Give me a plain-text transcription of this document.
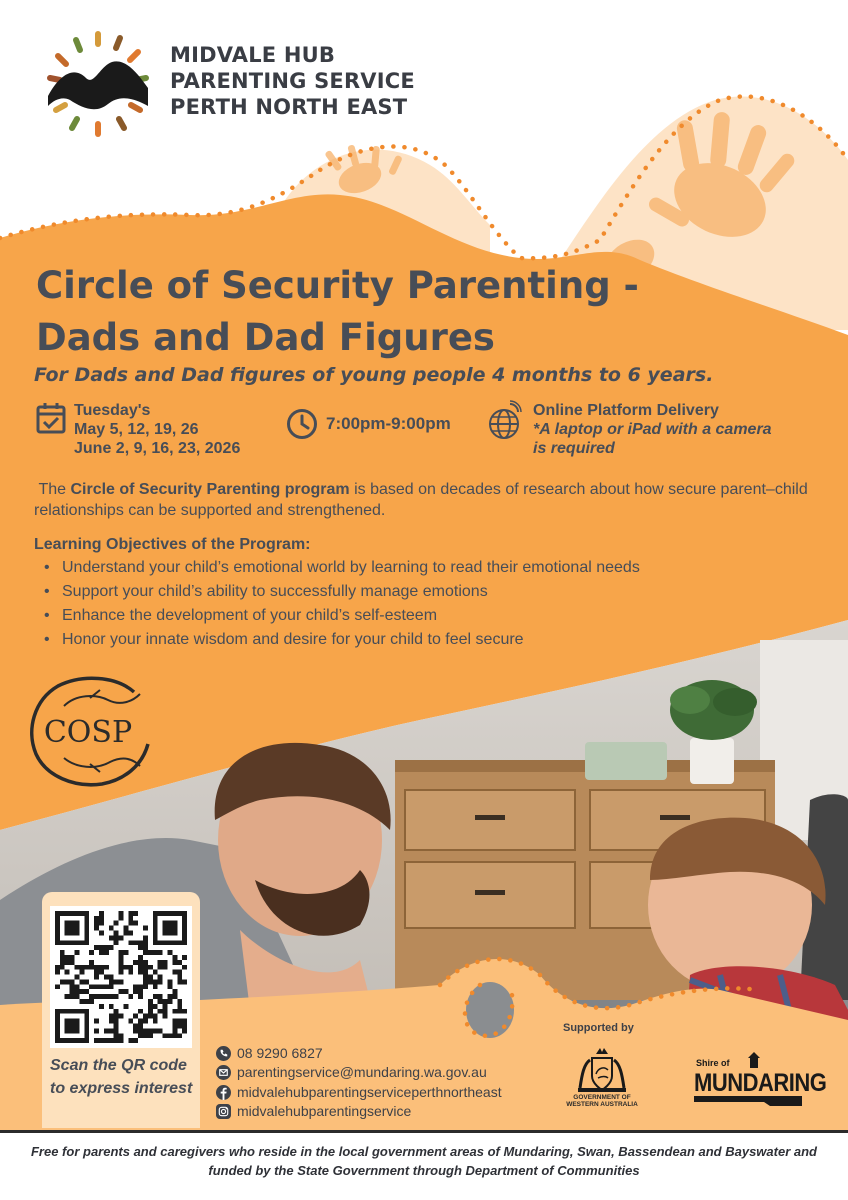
MIDVALE HUB
PARENTING SERVICE
PERTH NORTH EAST
Circle of Security Parenting -
Dads and Dad Figures
For Dads and Dad figures of young people 4 months to 6 years.
Tuesday's
May 5, 12, 19, 26
June 2, 9, 16, 23, 2026
7:00pm-9:00pm
Online Platform Delivery
*A laptop or iPad with a camera
is required
The Circle of Security Parenting program is based on decades of research about how secure parent–child relationships can be supported and strengthened.
Learning Objectives of the Program:
• Understand your child’s emotional world by learning to read their emotional needs
• Support your child’s ability to successfully manage emotions
• Enhance the development of your child’s self-esteem
• Honor your innate wisdom and desire for your child to feel secure
COSP
Scan the QR code to express interest
08 9290 6827
parentingservice@mundaring.wa.gov.au
midvalehubparentingserviceperthnortheast
midvalehubparentingservice
Supported by
GOVERNMENT OF
WESTERN AUSTRALIA
Shire of
MUNDARING
Free for parents and caregivers who reside in the local government areas of Mundaring, Swan, Bassendean and Bayswater and funded by the State Government through Department of Communities
